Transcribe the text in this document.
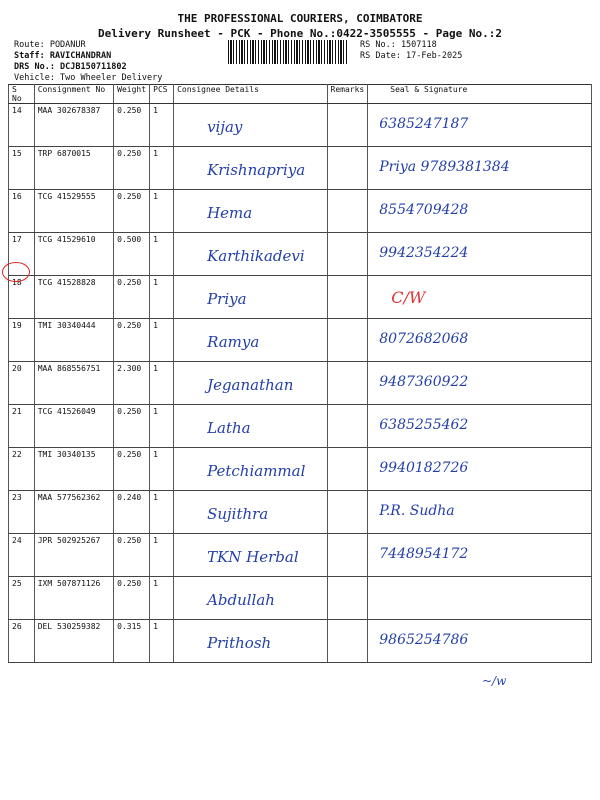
THE PROFESSIONAL COURIERS, COIMBATORE
Delivery Runsheet - PCK - Phone No.:0422-3505555 - Page No.:2
Route: PODANUR
Staff: RAVICHANDRAN
DRS No.: DCJB150711802
Vehicle: Two Wheeler Delivery
RS No.: 1507118
RS Date: 17-Feb-2025
S No	Consignment No	Weight	PCS	Consignee Details	Remarks	Seal & Signature
14	MAA 302678387	0.250	1	vijay		6385247187

15	TRP 6870015	0.250	1	Krishnapriya		Priya 9789381384

16	TCG 41529555	0.250	1	Hema		8554709428

17	TCG 41529610	0.500	1	Karthikadevi		9942354224

18	TCG 41528828	0.250	1	Priya		C/W

19	TMI 30340444	0.250	1	Ramya		8072682068

20	MAA 868556751	2.300	1	Jeganathan		9487360922

21	TCG 41526049	0.250	1	Latha		6385255462

22	TMI 30340135	0.250	1	Petchiammal		9940182726

23	MAA 577562362	0.240	1	Sujithra		P.R. Sudha

24	JPR 502925267	0.250	1	TKN Herbal		7448954172

25	IXM 507871126	0.250	1	Abdullah		

26	DEL 530259382	0.315	1	Prithosh		9865254786
~/w
